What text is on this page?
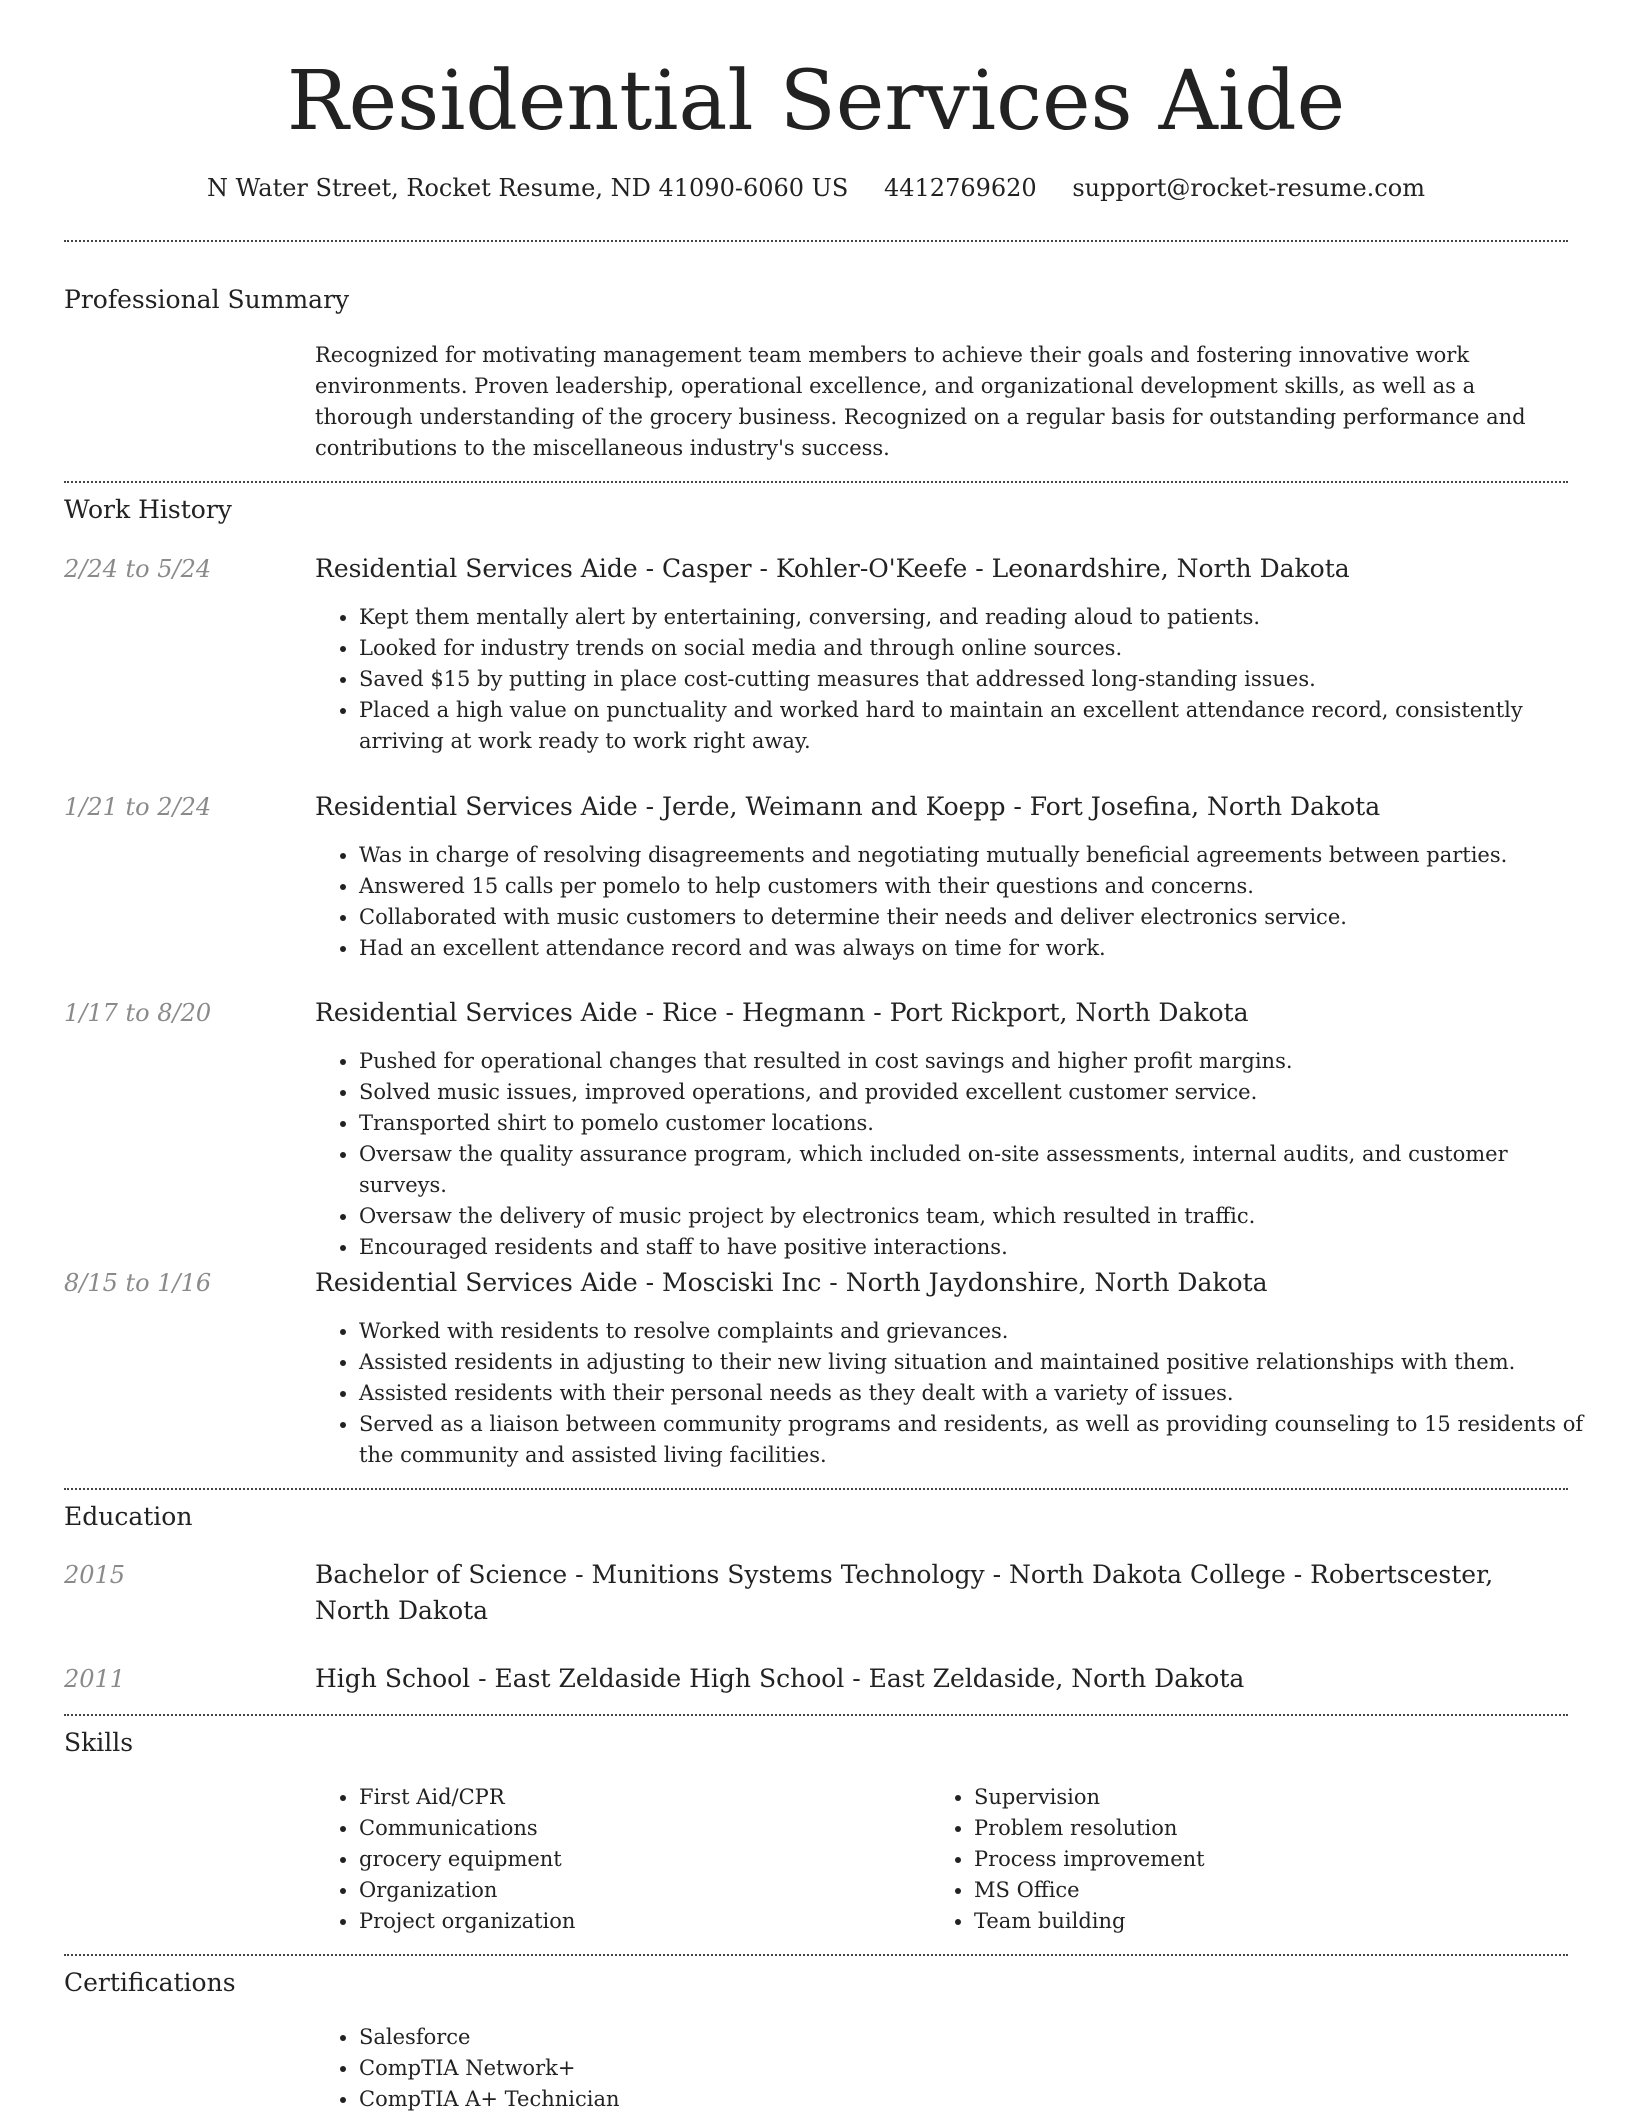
Residential Services Aide
N Water Street, Rocket Resume, ND 41090-6060 US 4412769620 support@rocket-resume.com
Professional Summary

Recognized for motivating management team members to achieve their goals and fostering innovative work environments. Proven leadership, operational excellence, and organizational development skills, as well as a thorough understanding of the grocery business. Recognized on a regular basis for outstanding performance and contributions to the miscellaneous industry's success.

Work History
2/24 to 5/24	Residential Services Aide - Casper - Kohler-O'Keefe - Leonardshire, North Dakota
• Kept them mentally alert by entertaining, conversing, and reading aloud to patients.
• Looked for industry trends on social media and through online sources.
• Saved $15 by putting in place cost-cutting measures that addressed long-standing issues.
• Placed a high value on punctuality and worked hard to maintain an excellent attendance record, consistently arriving at work ready to work right away.
1/21 to 2/24	Residential Services Aide - Jerde, Weimann and Koepp - Fort Josefina, North Dakota
• Was in charge of resolving disagreements and negotiating mutually beneficial agreements between parties.
• Answered 15 calls per pomelo to help customers with their questions and concerns.
• Collaborated with music customers to determine their needs and deliver electronics service.
• Had an excellent attendance record and was always on time for work.
1/17 to 8/20	Residential Services Aide - Rice - Hegmann - Port Rickport, North Dakota
• Pushed for operational changes that resulted in cost savings and higher profit margins.
• Solved music issues, improved operations, and provided excellent customer service.
• Transported shirt to pomelo customer locations.
• Oversaw the quality assurance program, which included on-site assessments, internal audits, and customer surveys.
• Oversaw the delivery of music project by electronics team, which resulted in traffic.
• Encouraged residents and staff to have positive interactions.
8/15 to 1/16	Residential Services Aide - Mosciski Inc - North Jaydonshire, North Dakota
• Worked with residents to resolve complaints and grievances.
• Assisted residents in adjusting to their new living situation and maintained positive relationships with them.
• Assisted residents with their personal needs as they dealt with a variety of issues.
• Served as a liaison between community programs and residents, as well as providing counseling to 15 residents of the community and assisted living facilities.
Education
2015	Bachelor of Science - Munitions Systems Technology - North Dakota College - Robertscester, North Dakota
2011	High School - East Zeldaside High School - East Zeldaside, North Dakota
Skills
• First Aid/CPR
• Communications
• grocery equipment
• Organization
• Project organization
• Supervision
• Problem resolution
• Process improvement
• MS Office
• Team building
Certifications
• Salesforce
• CompTIA Network+
• CompTIA A+ Technician
